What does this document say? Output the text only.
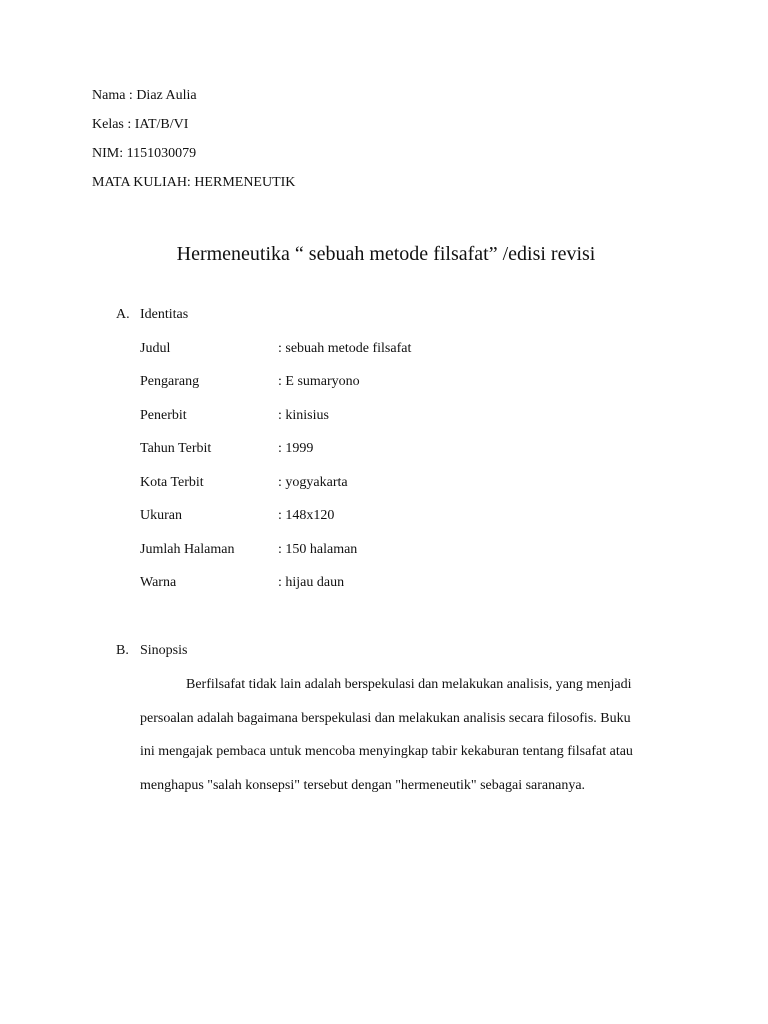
Nama : Diaz Aulia
Kelas : IAT/B/VI
NIM: 1151030079
MATA KULIAH: HERMENEUTIK
Hermeneutika “ sebuah metode filsafat” /edisi revisi
A. Identitas
Judul	: sebuah metode filsafat
Pengarang	: E sumaryono
Penerbit	: kinisius
Tahun Terbit	: 1999
Kota Terbit	: yogyakarta
Ukuran	: 148x120
Jumlah Halaman	: 150 halaman
Warna	: hijau daun
B. Sinopsis
Berfilsafat tidak lain adalah berspekulasi dan melakukan analisis, yang menjadi
persoalan adalah bagaimana berspekulasi dan melakukan analisis secara filosofis. Buku
ini mengajak pembaca untuk mencoba menyingkap tabir kekaburan tentang filsafat atau
menghapus "salah konsepsi" tersebut dengan "hermeneutik" sebagai sarananya.
